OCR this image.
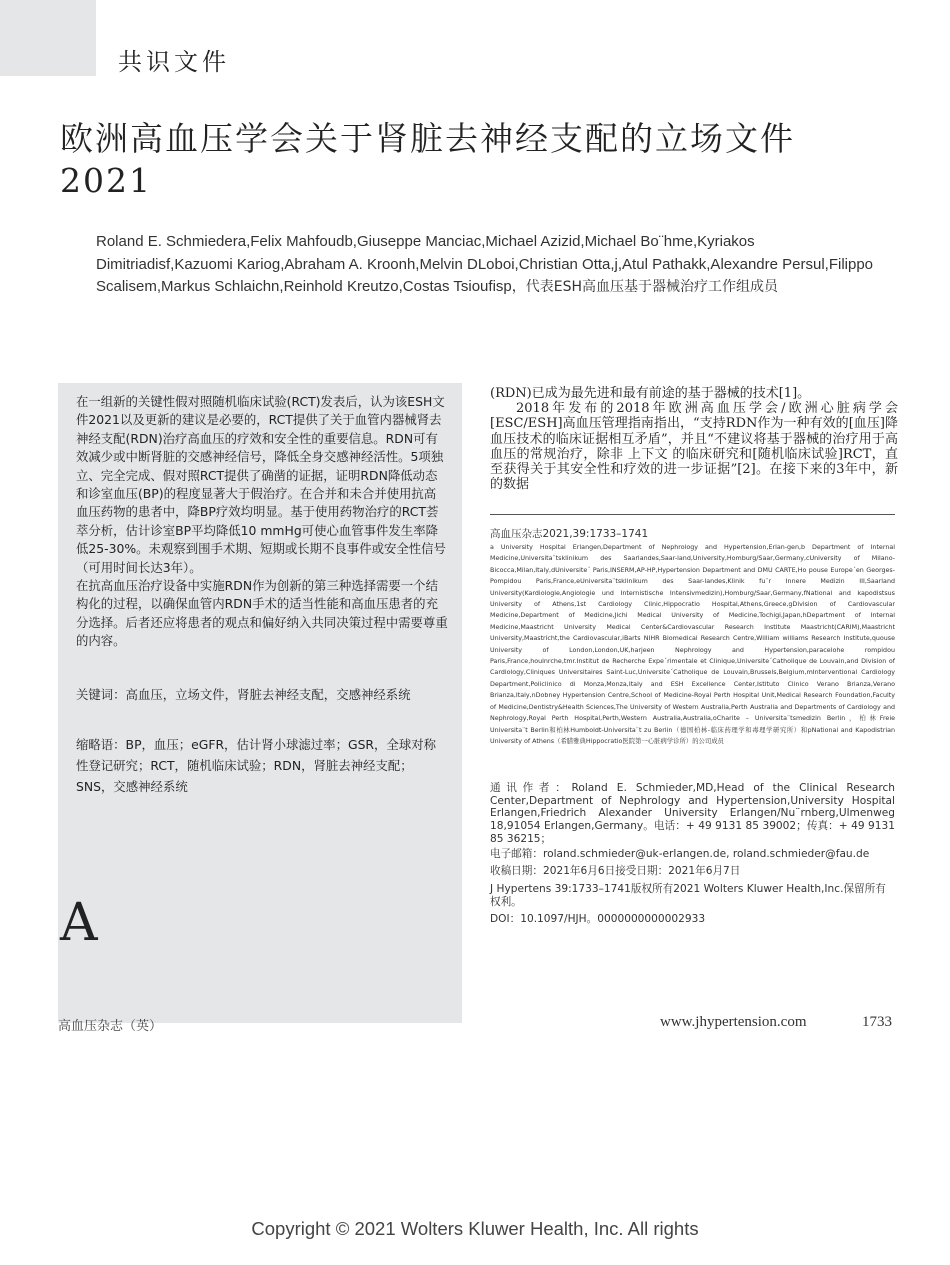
共识文件
欧洲高血压学会关于肾脏去神经支配的立场文件2021
Roland E. Schmiedera,Felix Mahfoudb,Giuseppe Manciac,Michael Azizid,Michael Bo¨hme,Kyriakos Dimitriadisf,Kazuomi Kariog,Abraham A. Kroonh,Melvin DLoboi,Christian Otta,j,Atul Pathakk,Alexandre Persul,Filippo Scalisem,Markus Schlaichn,Reinhold Kreutzo,Costas Tsioufisp，代表ESH高血压基于器械治疗工作组成员

在一组新的关键性假对照随机临床试验(RCT)发表后，认为该ESH文件2021以及更新的建议是必要的，RCT提供了关于血管内器械肾去神经支配(RDN)治疗高血压的疗效和安全性的重要信息。RDN可有效减少或中断肾脏的交感神经信号，降低全身交感神经活性。5项独立、完全完成、假对照RCT提供了确凿的证据，证明RDN降低动态和诊室血压(BP)的程度显著大于假治疗。在合并和未合并使用抗高血压药物的患者中，降BP疗效均明显。基于使用药物治疗的RCT荟萃分析，估计诊室BP平均降低10 mmHg可使心血管事件发生率降低25-30%。未观察到围手术期、短期或长期不良事件或安全性信号（可用时间长达3年）。

在抗高血压治疗设备中实施RDN作为创新的第三种选择需要一个结构化的过程，以确保血管内RDN手术的适当性能和高血压患者的充分选择。后者还应将患者的观点和偏好纳入共同决策过程中需要尊重的内容。

关键词：高血压，立场文件，肾脏去神经支配，交感神经系统
缩略语：BP，血压；eGFR，估计肾小球滤过率；GSR，全球对称性登记研究；RCT，随机临床试验；RDN，肾脏去神经支配；SNS，交感神经系统
A
高血压杂志（英）

(RDN)已成为最先进和最有前途的基于器械的技术[1]。

2018年发布的2018年欧洲高血压学会/欧洲心脏病学会[ESC/ESH]高血压管理指南指出，“支持RDN作为一种有效的[血压]降血压技术的临床证据相互矛盾”，并且“不建议将基于器械的治疗用于高血压的常规治疗，除非 上下文 的临床研究和[随机临床试验]RCT，直至获得关于其安全性和疗效的进一步证据”[2]。在接下来的3年中，新的数据

高血压杂志2021,39:1733–1741
a University Hospital Erlangen,Department of Nephrology and Hypertension,Erlan-gen,b Department of Internal Medicine,Universita¨tsklinikum des Saarlandes,Saar-land,University,Homburg/Saar,Germany,cUniversity of Milano-Bicocca,Milan,Italy,dUniversite´ Paris,INSERM,AP-HP,Hypertension Department and DMU CARTE,Ho pouse Europe´en Georges-Pompidou Paris,France,eUniversita¨tsklinikum des Saar-landes,Klinik fu¨r Innere Medizin III,Saarland University(Kardiologie,Angiologie und Internistische Intensivmedizin),Homburg/Saar,Germany,fNational and kapodistsus University of Athens,1st Cardiology Clinic,Hippocratio Hospital,Athens,Greece,gDivision of Cardiovascular Medicine,Department of Medicine,Jichi Medical University of Medicine,Tochigi,Japan,hDepartment of Internal Medicine,Maastricht University Medical Center&Cardiovascular Research Institute Maastricht(CARIM),Maastricht University,Maastricht,the Cardiovascular,iBarts NIHR Biomedical Research Centre,William williams Research Institute,quouse University of London,London,UK,harjeen Nephrology and Hypertension,paracelohe rompidou Paris,France,houlnrche,tmr.Institut de Recherche Expe´rimentale et Clinique,Universite´Catholique de Louvain,and Division of Cardiology,Cliniques Universitaires Saint-Luc,Universite´Catholique de Louvain,Brussels,Belgium,mInterventional Cardiology Department,Policlinico di Monza,Monza,Italy and ESH Excellence Center,Istituto Clinico Verano Brianza,Verano Brianza,Italy,nDobney Hypertension Centre,School of Medicine-Royal Perth Hospital Unit,Medical Research Foundation,Faculty of Medicine,Dentistry&Health Sciences,The University of Western Australia,Perth Australia and Departments of Cardiology and Nephrology,Royal Perth Hospital,Perth,Western Australia,Australia,oCharite – Universita¨tsmedizin Berlin，柏林Freie Universita¨t Berlin和柏林Humboldt-Universita¨t zu Berlin（德国柏林-临床药理学和毒理学研究所）和pNational and Kapodistrian University of Athens（希腊雅典Hippocratio医院第一心脏病学诊所）的公司成员
通讯作者：Roland E. Schmieder,MD,Head of the Clinical Research Center,Department of Nephrology and Hypertension,University Hospital Erlangen,Friedrich Alexander University Erlangen/Nu¨rnberg,Ulmenweg 18,91054 Erlangen,Germany。电话：+ 49 9131 85 39002；传真：+ 49 9131 85 36215；
电子邮箱：roland.schmieder@uk-erlangen.de, roland.schmieder@fau.de
收稿日期：2021年6月6日接受日期：2021年6月7日
J Hypertens 39:1733–1741版权所有2021 Wolters Kluwer Health,Inc.保留所有权利。
DOI：10.1097/HJH。0000000000002933
www.jhypertension.com	1733
Copyright © 2021 Wolters Kluwer Health, Inc. All rights
